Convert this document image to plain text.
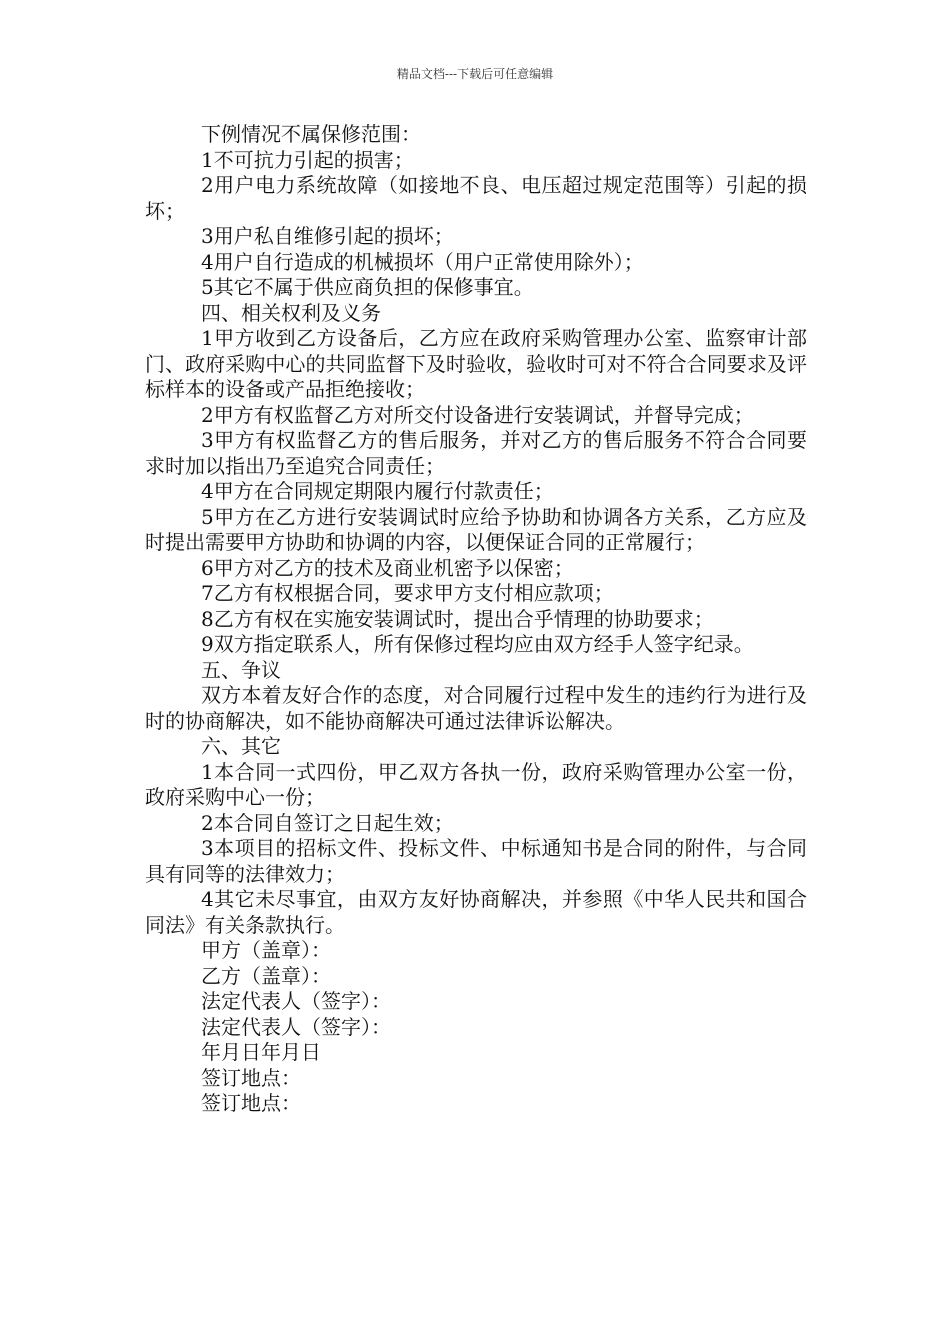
精品文档---下载后可任意编辑

下例情况不属保修范围：

1不可抗力引起的损害；

2用户电力系统故障（如接地不良、电压超过规定范围等）引起的损坏；

3用户私自维修引起的损坏；

4用户自行造成的机械损坏（用户正常使用除外）；

5其它不属于供应商负担的保修事宜。

四、相关权利及义务

1甲方收到乙方设备后，乙方应在政府采购管理办公室、监察审计部门、政府采购中心的共同监督下及时验收，验收时可对不符合合同要求及评标样本的设备或产品拒绝接收；

2甲方有权监督乙方对所交付设备进行安装调试，并督导完成；

3甲方有权监督乙方的售后服务，并对乙方的售后服务不符合合同要求时加以指出乃至追究合同责任；

4甲方在合同规定期限内履行付款责任；

5甲方在乙方进行安装调试时应给予协助和协调各方关系，乙方应及时提出需要甲方协助和协调的内容，以便保证合同的正常履行；

6甲方对乙方的技术及商业机密予以保密；

7乙方有权根据合同，要求甲方支付相应款项；

8乙方有权在实施安装调试时，提出合乎情理的协助要求；

9双方指定联系人，所有保修过程均应由双方经手人签字纪录。

五、争议

双方本着友好合作的态度，对合同履行过程中发生的违约行为进行及时的协商解决，如不能协商解决可通过法律诉讼解决。

六、其它

1本合同一式四份，甲乙双方各执一份，政府采购管理办公室一份，政府采购中心一份；

2本合同自签订之日起生效；

3本项目的招标文件、投标文件、中标通知书是合同的附件，与合同具有同等的法律效力；

4其它未尽事宜，由双方友好协商解决，并参照《中华人民共和国合同法》有关条款执行。

甲方（盖章）：

乙方（盖章）：

法定代表人（签字）：

法定代表人（签字）：

年月日年月日

签订地点：

签订地点：
